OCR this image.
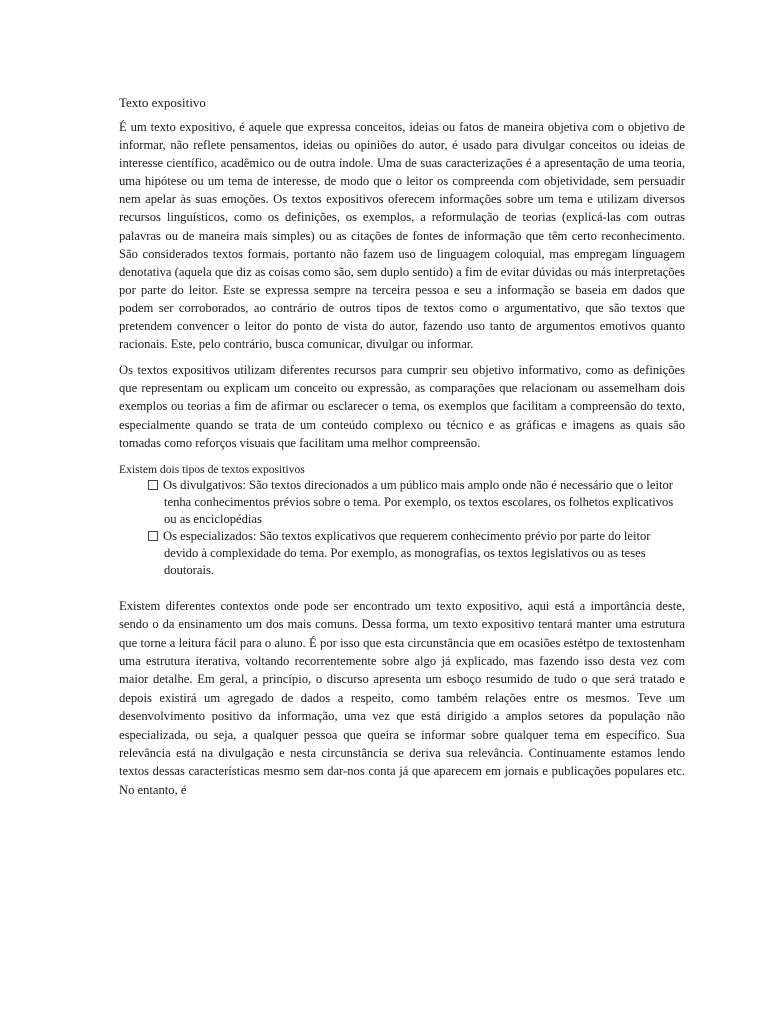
Texto expositivo

É um texto expositivo, é aquele que expressa conceitos, ideias ou fatos de maneira objetiva com o objetivo de informar, não reflete pensamentos, ideias ou opiniões do autor, é usado para divulgar conceitos ou ideias de interesse científico, acadêmico ou de outra índole. Uma de suas caracterizações é a apresentação de uma teoria, uma hipótese ou um tema de interesse, de modo que o leitor os compreenda com objetividade, sem persuadir nem apelar às suas emoções. Os textos expositivos oferecem informações sobre um tema e utilizam diversos recursos linguísticos, como os definições, os exemplos, a reformulação de teorias (explicá-las com outras palavras ou de maneira mais simples) ou as citações de fontes de informação que têm certo reconhecimento. São considerados textos formais, portanto não fazem uso de linguagem coloquial, mas empregam linguagem denotativa (aquela que diz as coisas como são, sem duplo sentido) a fim de evitar dúvidas ou más interpretações por parte do leitor. Este se expressa sempre na terceira pessoa e seu a informação se baseia em dados que podem ser corroborados, ao contrário de outros tipos de textos como o argumentativo, que são textos que pretendem convencer o leitor do ponto de vista do autor, fazendo uso tanto de argumentos emotivos quanto racionais. Este, pelo contrário, busca comunicar, divulgar ou informar.

Os textos expositivos utilizam diferentes recursos para cumprir seu objetivo informativo, como as definições que representam ou explicam um conceito ou expressão, as comparações que relacionam ou assemelham dois exemplos ou teorias a fim de afirmar ou esclarecer o tema, os exemplos que facilitam a compreensão do texto, especialmente quando se trata de um conteúdo complexo ou técnico e as gráficas e imagens as quais são tomadas como reforços visuais que facilitam uma melhor compreensão.

Existem dois tipos de textos expositivos
Os divulgativos: São textos direcionados a um público mais amplo onde não é necessário que o leitor tenha conhecimentos prévios sobre o tema. Por exemplo, os textos escolares, os folhetos explicativos ou as enciclopédias
Os especializados: São textos explicativos que requerem conhecimento prévio por parte do leitor devido à complexidade do tema. Por exemplo, as monografias, os textos legislativos ou as teses doutorais.

Existem diferentes contextos onde pode ser encontrado um texto expositivo, aqui está a importância deste, sendo o da ensinamento um dos mais comuns. Dessa forma, um texto expositivo tentará manter uma estrutura que torne a leitura fácil para o aluno. É por isso que esta circunstância que em ocasiões estétpo de textostenham uma estrutura iterativa, voltando recorrentemente sobre algo já explicado, mas fazendo isso desta vez com maior detalhe. Em geral, a princípio, o discurso apresenta um esboço resumido de tudo o que será tratado e depois existirá um agregado de dados a respeito, como também relações entre os mesmos. Teve um desenvolvimento positivo da informação, uma vez que está dirigido a amplos setores da população não especializada, ou seja, a qualquer pessoa que queira se informar sobre qualquer tema em específico. Sua relevância está na divulgação e nesta circunstância se deriva sua relevância. Continuamente estamos lendo textos dessas características mesmo sem dar-nos conta já que aparecem em jornais e publicações populares etc. No entanto, é
